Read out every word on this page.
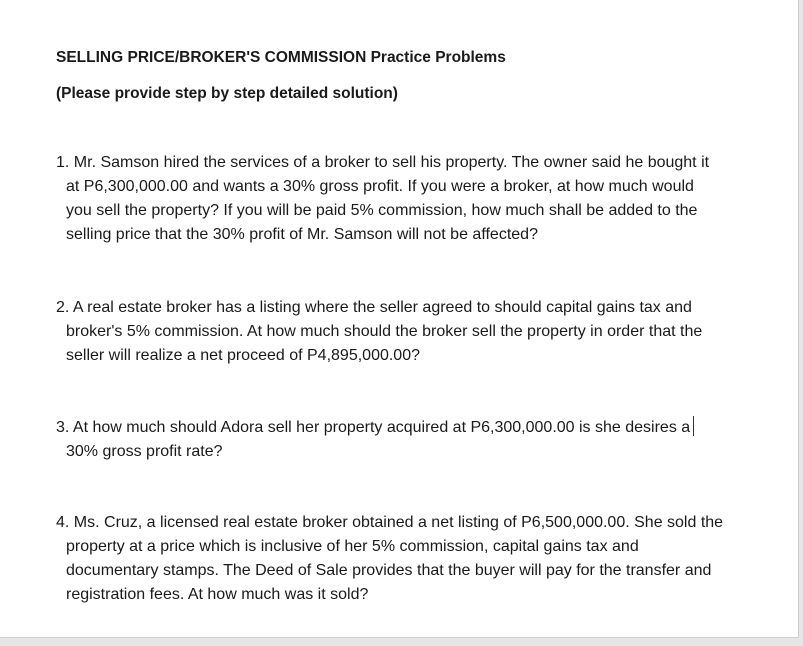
SELLING PRICE/BROKER'S COMMISSION Practice Problems
(Please provide step by step detailed solution)
1. Mr. Samson hired the services of a broker to sell his property. The owner said he bought it
at P6,300,000.00 and wants a 30% gross profit. If you were a broker, at how much would
you sell the property? If you will be paid 5% commission, how much shall be added to the
selling price that the 30% profit of Mr. Samson will not be affected?
2. A real estate broker has a listing where the seller agreed to should capital gains tax and
broker's 5% commission. At how much should the broker sell the property in order that the
seller will realize a net proceed of P4,895,000.00?
3. At how much should Adora sell her property acquired at P6,300,000.00 is she desires a
30% gross profit rate?
4. Ms. Cruz, a licensed real estate broker obtained a net listing of P6,500,000.00. She sold the
property at a price which is inclusive of her 5% commission, capital gains tax and
documentary stamps. The Deed of Sale provides that the buyer will pay for the transfer and
registration fees. At how much was it sold?
